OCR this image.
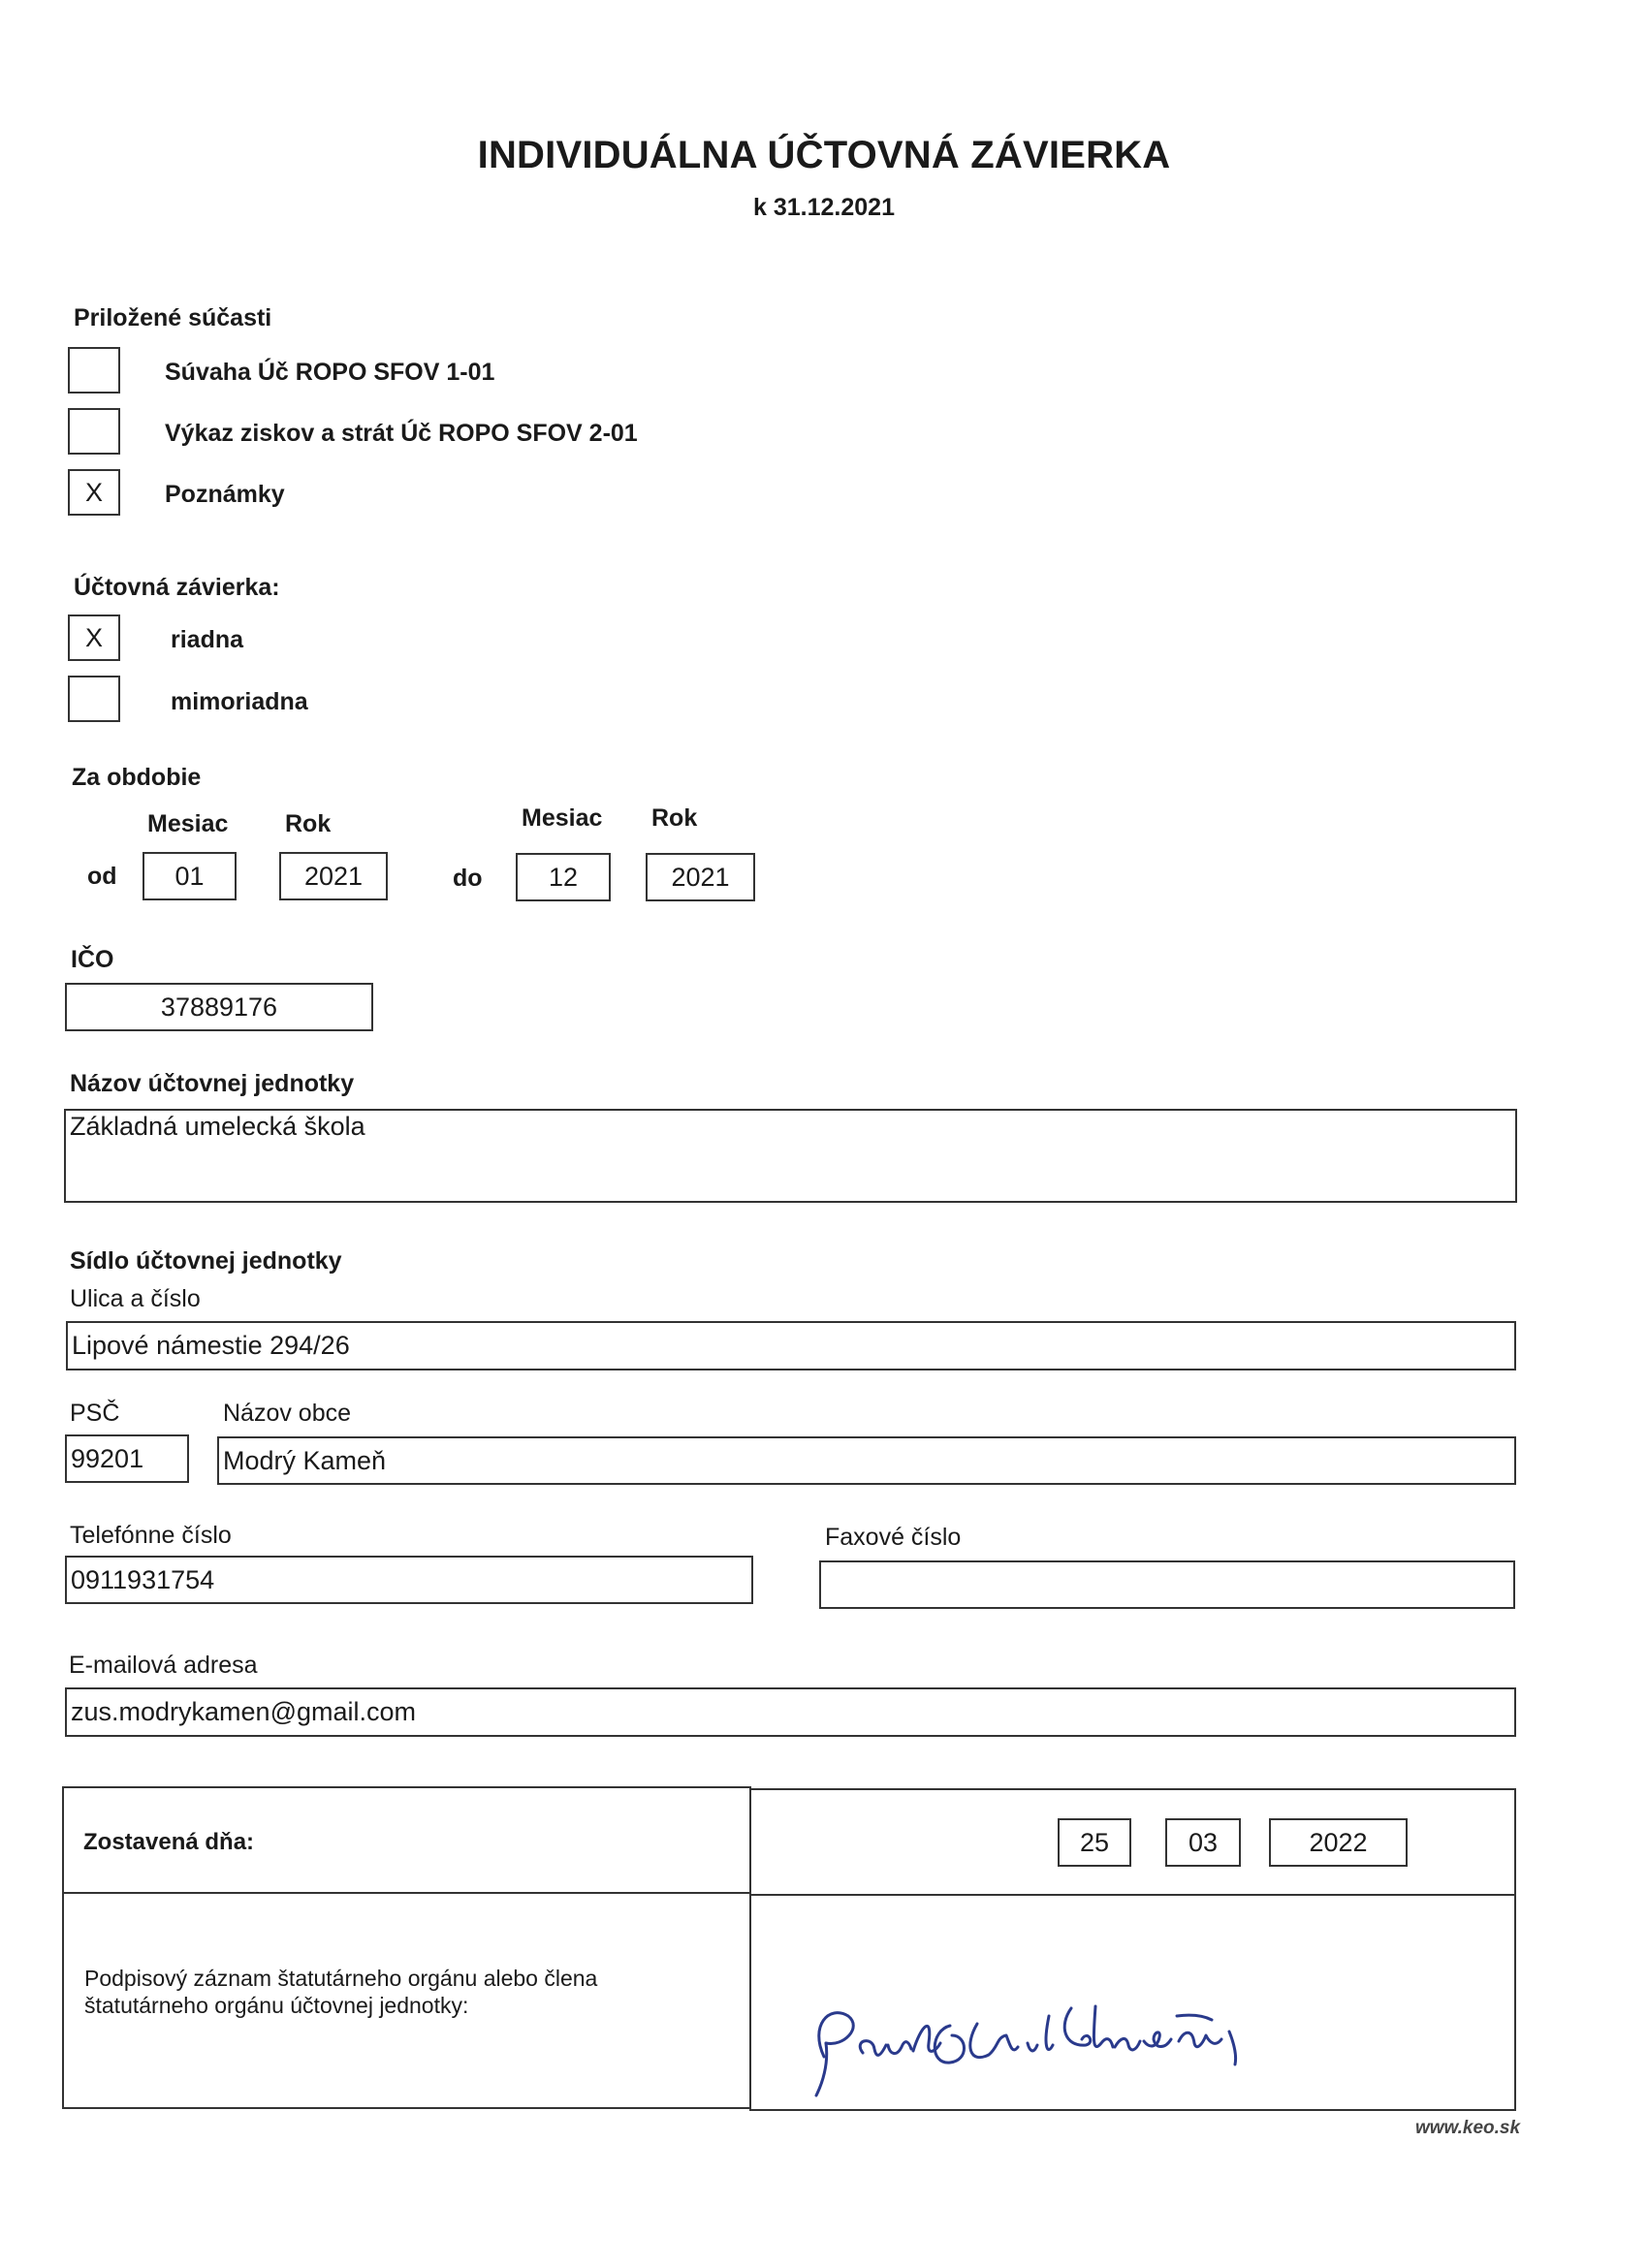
INDIVIDUÁLNA ÚČTOVNÁ ZÁVIERKA
k 31.12.2021
Priložené súčasti
Súvaha Úč ROPO SFOV 1-01
Výkaz ziskov a strát Úč ROPO SFOV 2-01
X	Poznámky
Účtovná závierka:
X	riadna
mimoriadna
Za obdobie
Mesiac Rok	Mesiac Rok
od	01	2021	do	12	2021
IČO
37889176
Názov účtovnej jednotky
Základná umelecká škola
Sídlo účtovnej jednotky
Ulica a číslo
Lipové námestie 294/26
PSČ	Názov obce
99201	Modrý Kameň
Telefónne číslo	Faxové číslo
0911931754
E-mailová adresa
zus.modrykamen@gmail.com
Zostavená dňa:	25	03	2022
Podpisový záznam štatutárneho orgánu alebo člena
štatutárneho orgánu účtovnej jednotky:
www.keo.sk
